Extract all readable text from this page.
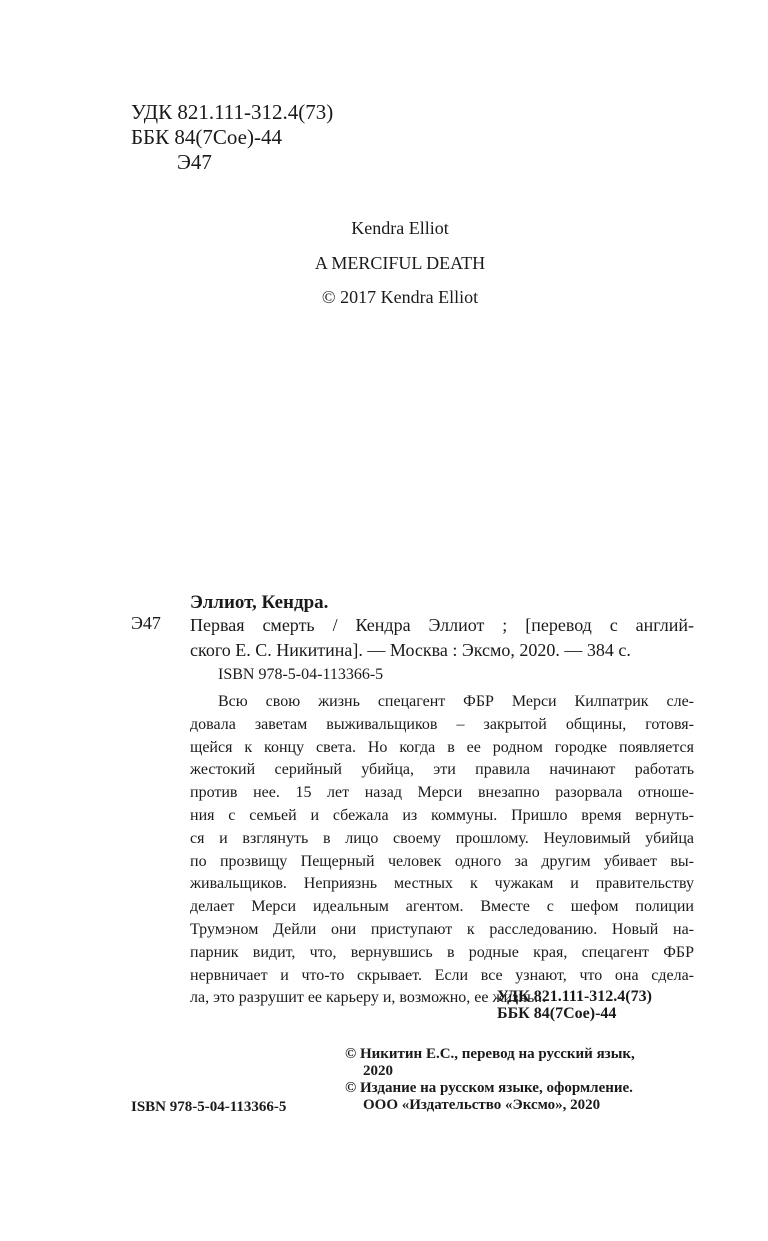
УДК 821.111-312.4(73)
ББК 84(7Сое)-44
Э47
Kendra Elliot
A MERCIFUL DEATH
© 2017 Kendra Elliot
Эллиот, Кендра.
Э47 Первая смерть / Кендра Эллиот ; [перевод с англий-
ского Е. С. Никитина]. — Москва : Эксмо, 2020. — 384 с.
ISBN 978-5-04-113366-5
Всю свою жизнь спецагент ФБР Мерси Килпатрик сле-
довала заветам выживальщиков – закрытой общины, готовя-
щейся к концу света. Но когда в ее родном городке появляется
жестокий серийный убийца, эти правила начинают работать
против нее. 15 лет назад Мерси внезапно разорвала отноше-
ния с семьей и сбежала из коммуны. Пришло время вернуть-
ся и взглянуть в лицо своему прошлому. Неуловимый убийца
по прозвищу Пещерный человек одного за другим убивает вы-
живальщиков. Неприязнь местных к чужакам и правительству
делает Мерси идеальным агентом. Вместе с шефом полиции
Трумэном Дейли они приступают к расследованию. Новый на-
парник видит, что, вернувшись в родные края, спецагент ФБР
нервничает и что-то скрывает. Если все узнают, что она сдела-
ла, это разрушит ее карьеру и, возможно, ее жизнь...
УДК 821.111-312.4(73)
ББК 84(7Сое)-44
© Никитин Е.С., перевод на русский язык,
2020
© Издание на русском языке, оформление.
ООО «Издательство «Эксмо», 2020
ISBN 978-5-04-113366-5
